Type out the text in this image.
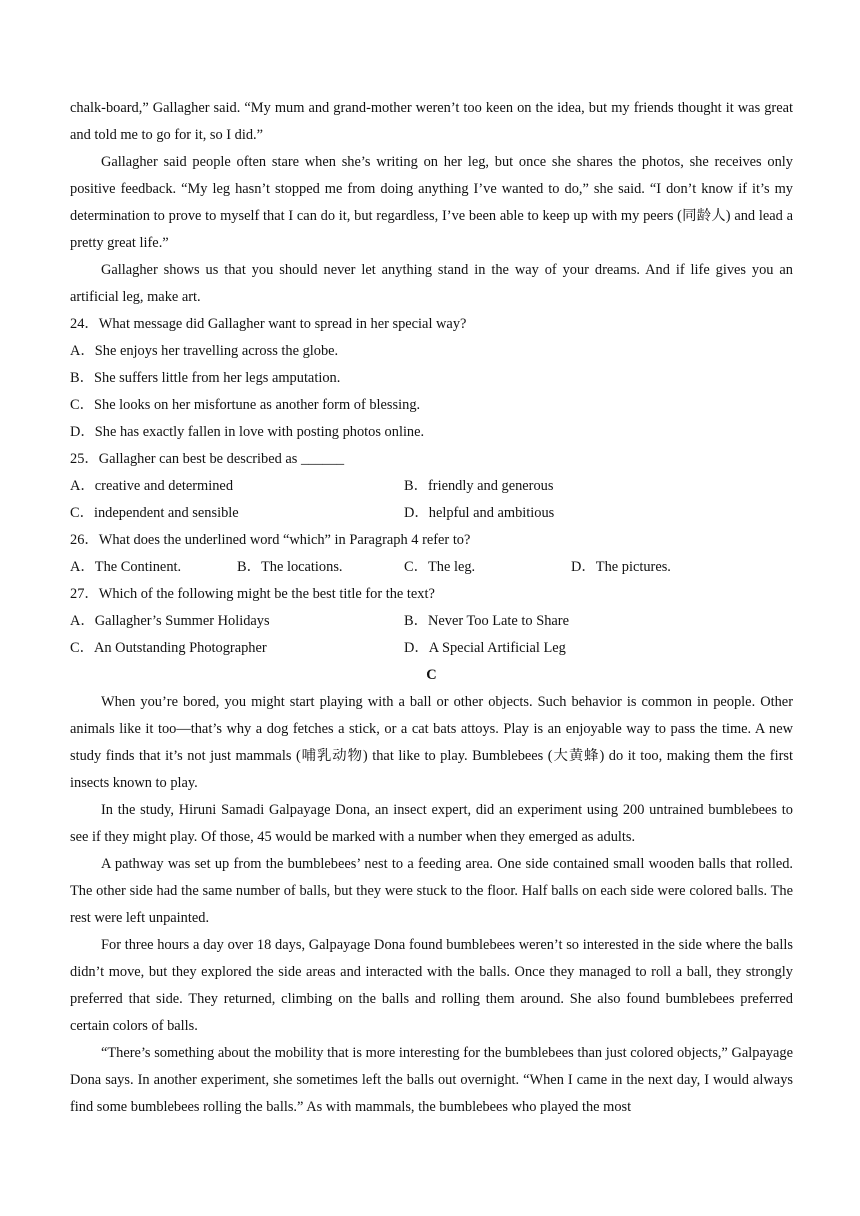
chalk-board,” Gallagher said. “My mum and grand-mother weren’t too keen on the idea, but my friends thought it was great and told me to go for it, so I did.”

Gallagher said people often stare when she’s writing on her leg, but once she shares the photos, she receives only positive feedback. “My leg hasn’t stopped me from doing anything I’ve wanted to do,” she said. “I don’t know if it’s my determination to prove to myself that I can do it, but regardless, I’ve been able to keep up with my peers (同龄人) and lead a pretty great life.”

Gallagher shows us that you should never let anything stand in the way of your dreams. And if life gives you an artificial leg, make art.

24．What message did Gallagher want to spread in her special way?

A．She enjoys her travelling across the globe.

B．She suffers little from her legs amputation.

C．She looks on her misfortune as another form of blessing.

D．She has exactly fallen in love with posting photos online.

25．Gallagher can best be described as ______

A．creative and determined	B．friendly and generous
C．independent and sensible	D．helpful and ambitious

26．What does the underlined word “which” in Paragraph 4 refer to?

A．The Continent.	B．The locations.	C．The leg.	D．The pictures.

27．Which of the following might be the best title for the text?

A．Gallagher’s Summer Holidays	B．Never Too Late to Share
C．An Outstanding Photographer	D．A Special Artificial Leg

C

When you’re bored, you might start playing with a ball or other objects. Such behavior is common in people. Other animals like it too—that’s why a dog fetches a stick, or a cat bats attoys. Play is an enjoyable way to pass the time. A new study finds that it’s not just mammals (哺乳动物) that like to play. Bumblebees (大黄蜂) do it too, making them the first insects known to play.

In the study, Hiruni Samadi Galpayage Dona, an insect expert, did an experiment using 200 untrained bumblebees to see if they might play. Of those, 45 would be marked with a number when they emerged as adults.

A pathway was set up from the bumblebees’ nest to a feeding area. One side contained small wooden balls that rolled. The other side had the same number of balls, but they were stuck to the floor. Half balls on each side were colored balls. The rest were left unpainted.

For three hours a day over 18 days, Galpayage Dona found bumblebees weren’t so interested in the side where the balls didn’t move, but they explored the side areas and interacted with the balls. Once they managed to roll a ball, they strongly preferred that side. They returned, climbing on the balls and rolling them around. She also found bumblebees preferred certain colors of balls.

“There’s something about the mobility that is more interesting for the bumblebees than just colored objects,” Galpayage Dona says. In another experiment, she sometimes left the balls out overnight. “When I came in the next day, I would always find some bumblebees rolling the balls.” As with mammals, the bumblebees who played the most
